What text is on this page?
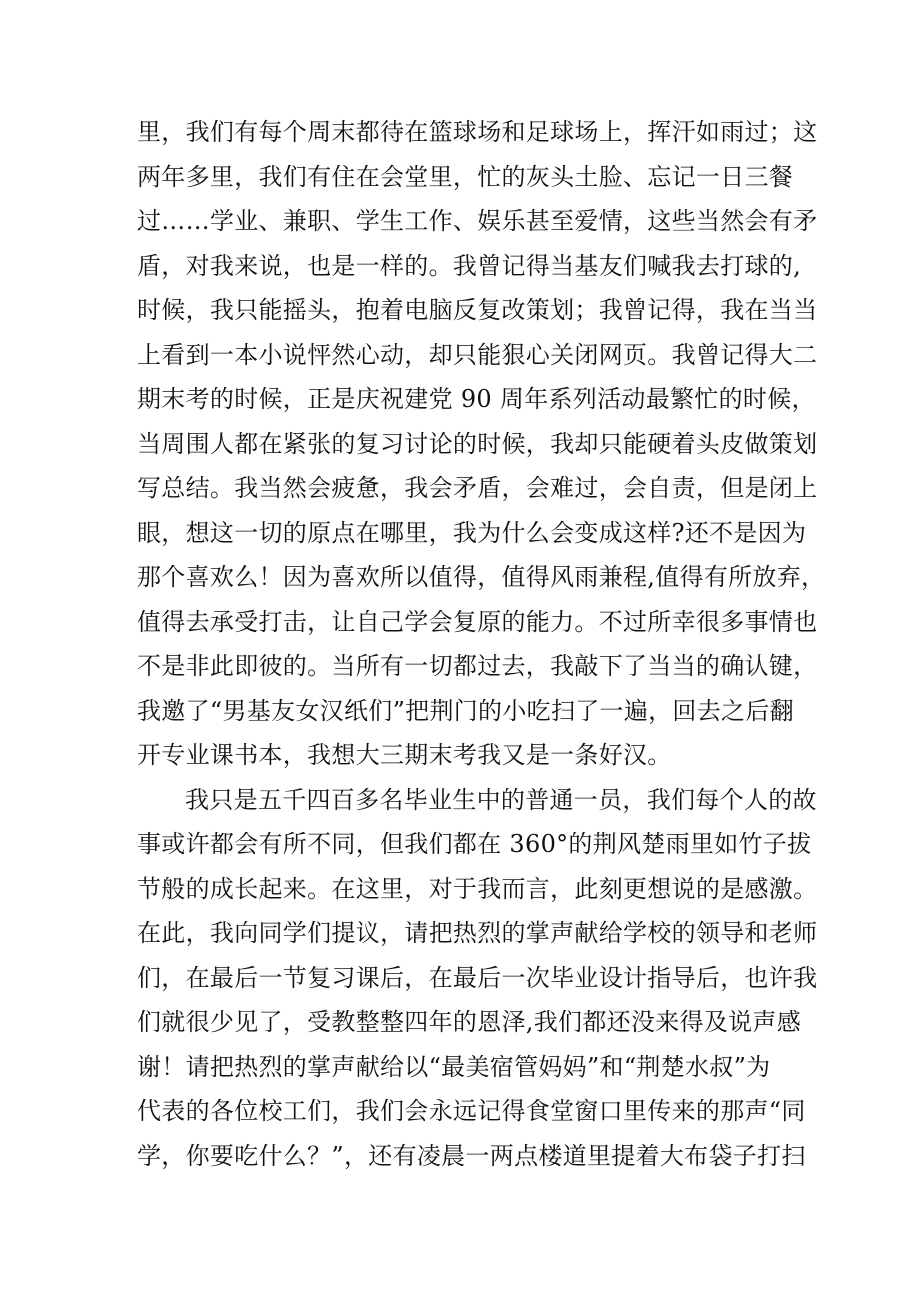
里，我们有每个周末都待在篮球场和足球场上，挥汗如雨过；这
两年多里，我们有住在会堂里，忙的灰头土脸、忘记一日三餐
过……学业、兼职、学生工作、娱乐甚至爱情，这些当然会有矛
盾，对我来说，也是一样的。我曾记得当基友们喊我去打球的,
时候，我只能摇头，抱着电脑反复改策划；我曾记得，我在当当
上看到一本小说怦然心动，却只能狠心关闭网页。我曾记得大二
期末考的时候，正是庆祝建党 90 周年系列活动最繁忙的时候，
当周围人都在紧张的复习讨论的时候，我却只能硬着头皮做策划
写总结。我当然会疲惫，我会矛盾，会难过，会自责，但是闭上
眼，想这一切的原点在哪里，我为什么会变成这样?还不是因为
那个喜欢么！因为喜欢所以值得，值得风雨兼程,值得有所放弃，
值得去承受打击，让自己学会复原的能力。不过所幸很多事情也
不是非此即彼的。当所有一切都过去，我敲下了当当的确认键，
我邀了“男基友女汉纸们”把荆门的小吃扫了一遍，回去之后翻
开专业课书本，我想大三期末考我又是一条好汉。
我只是五千四百多名毕业生中的普通一员，我们每个人的故
事或许都会有所不同，但我们都在 360°的荆风楚雨里如竹子拔
节般的成长起来。在这里，对于我而言，此刻更想说的是感激。
在此，我向同学们提议，请把热烈的掌声献给学校的领导和老师
们，在最后一节复习课后，在最后一次毕业设计指导后，也许我
们就很少见了，受教整整四年的恩泽,我们都还没来得及说声感
谢！请把热烈的掌声献给以“最美宿管妈妈”和“荆楚水叔”为
代表的各位校工们，我们会永远记得食堂窗口里传来的那声“同
学，你要吃什么？”，还有凌晨一两点楼道里提着大布袋子打扫
